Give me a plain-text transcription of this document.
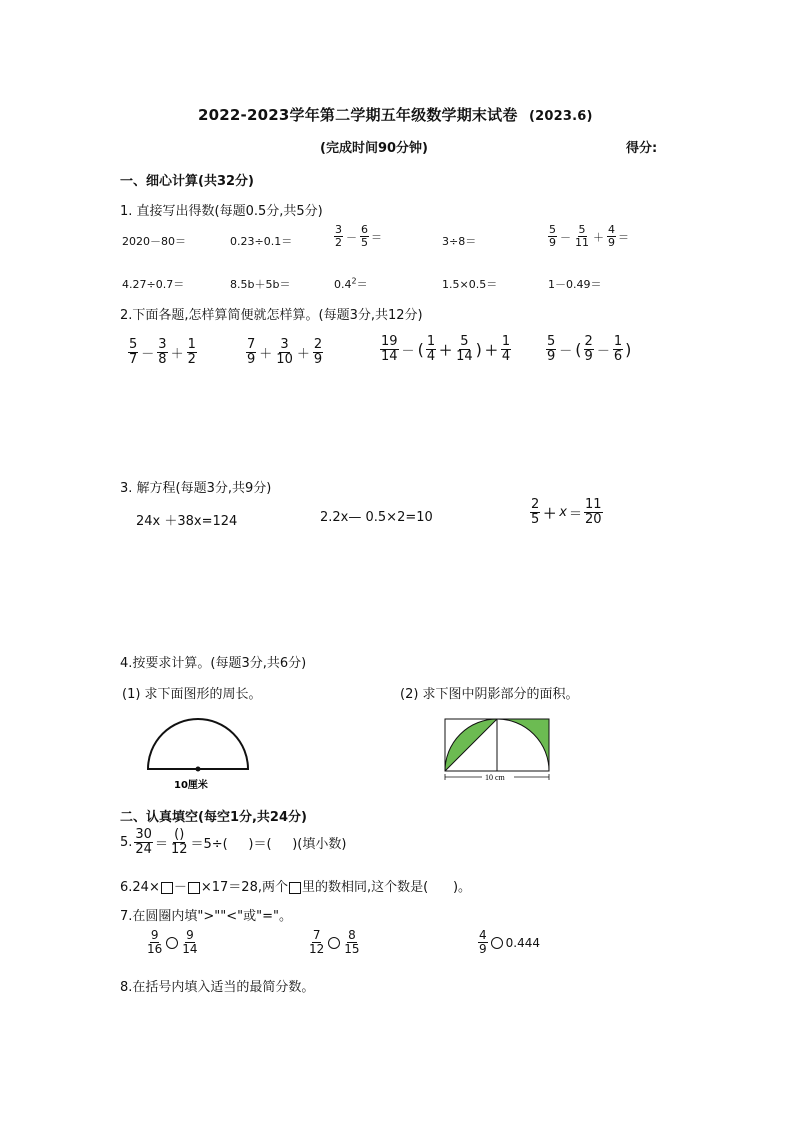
2022-2023学年第二学期五年级数学期末试卷 (2023.6)
(完成时间90分钟)	得分:
一、细心计算(共32分)
1. 直接写出得数(每题0.5分,共5分)
2020－80＝	0.23÷0.1＝	$\frac{3}{2} - \frac{6}{5}$ ＝	3÷8＝	$\frac{5}{9} - \frac{5}{11} + \frac{4}{9}$ ＝
4.27÷0.7＝	8.5b＋5b＝	$0.4^2=$	1.5×0.5＝	1－0.49＝
2.下面各题,怎样算简便就怎样算。(每题3分,共12分)
$\frac{5}{7} - \frac{3}{8} + \frac{1}{2}$	$\frac{7}{9} + \frac{3}{10} + \frac{2}{9}$	$\frac{19}{14}$ － ( $\frac{1}{4} + \frac{5}{14}$ ) ＋ $\frac{1}{4}$	$\frac{5}{9}$ － ( $\frac{2}{9} - \frac{1}{6}$ )
3. 解方程(每题3分,共9分)
24x ＋38x=124	2.2x— 0.5×2=10	$\frac{2}{5} + x = \frac{11}{20}$
4.按要求计算。(每题3分,共6分)
(1) 求下面图形的周长。	(2) 求下图中阴影部分的面积。
10厘米
10 cm
二、认真填空(每空1分,共24分)
5. $\frac{30}{24} = \frac{()}{12} =5\div$(     )＝(     )(填小数)
6.24× － ×17＝28,两个 里的数相同,这个数是(      )。
7.在圆圈内填">""<"或"="。
$\frac{9}{16} \frac{9}{14}$	$\frac{7}{12} \frac{8}{15}$	$\frac{4}{9} 0.444$
8.在括号内填入适当的最简分数。
